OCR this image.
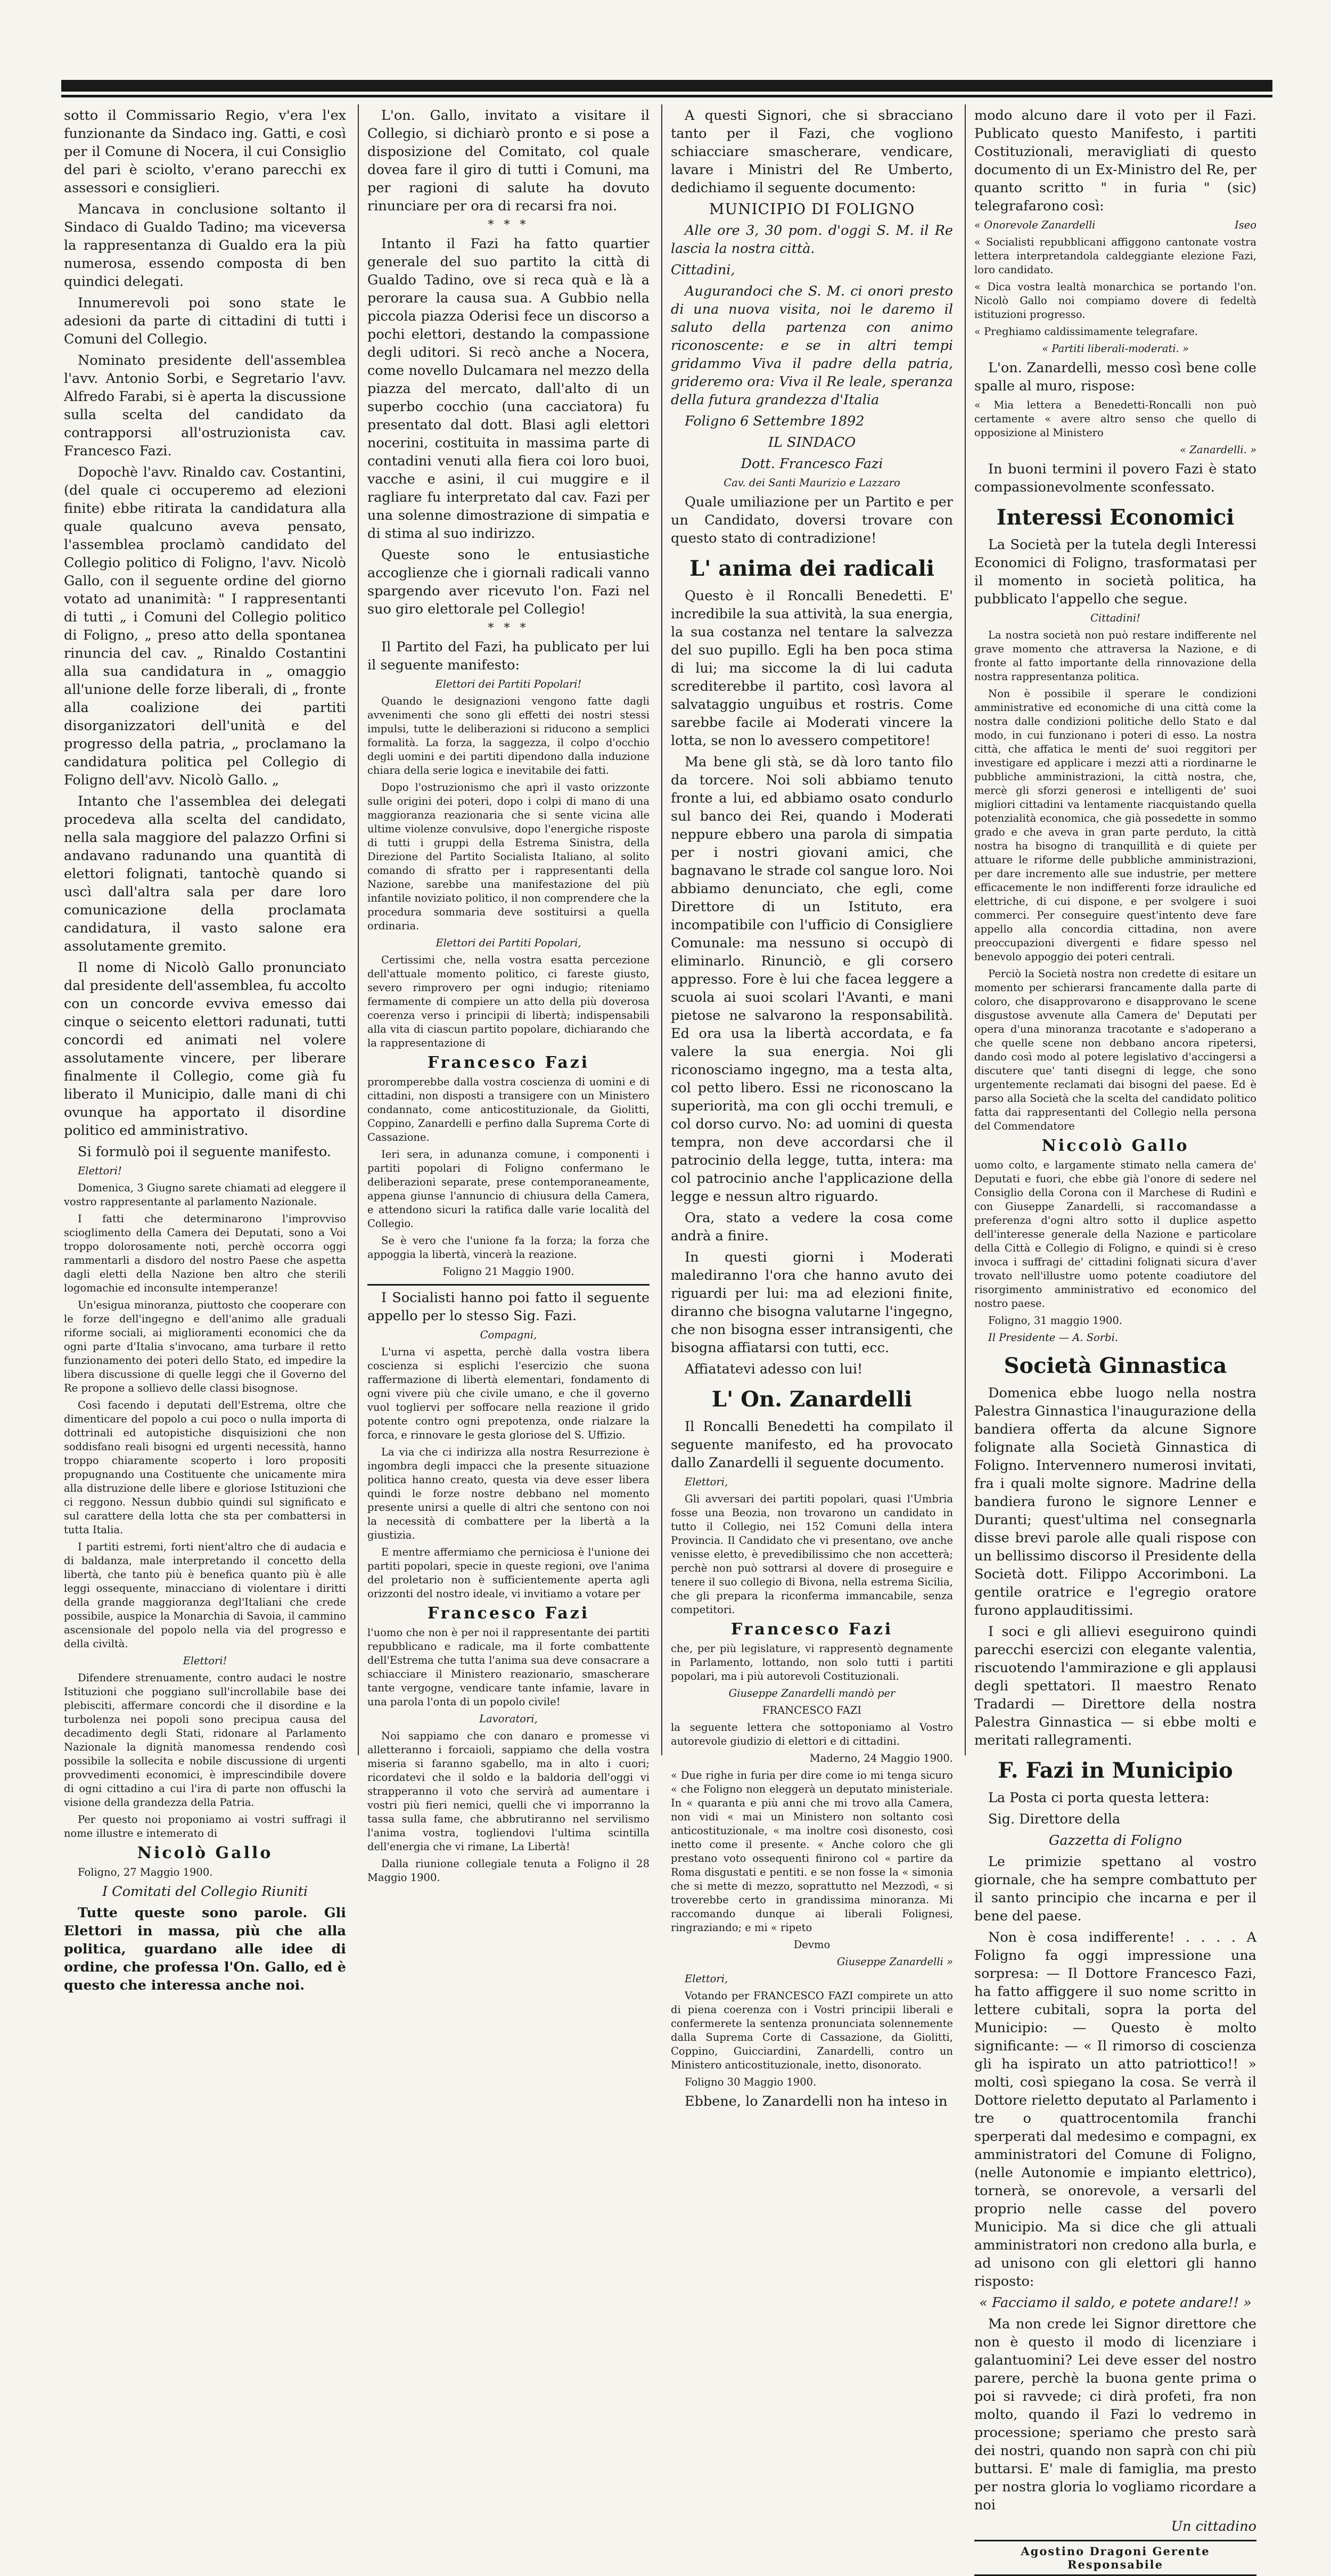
sotto il Commissario Regio, v'era l'ex funzionante da Sindaco ing. Gatti, e così per il Comune di Nocera, il cui Consiglio del pari è sciolto, v'erano parecchi ex assessori e consiglieri.

Mancava in conclusione soltanto il Sindaco di Gualdo Tadino; ma viceversa la rappresentanza di Gualdo era la più numerosa, essendo composta di ben quindici delegati.

Innumerevoli poi sono state le adesioni da parte di cittadini di tutti i Comuni del Collegio.

Nominato presidente dell'assemblea l'avv. Antonio Sorbi, e Segretario l'avv. Alfredo Farabi, si è aperta la discussione sulla scelta del candidato da contrapporsi all'ostruzionista cav. Francesco Fazi.

Dopochè l'avv. Rinaldo cav. Costantini, (del quale ci occuperemo ad elezioni finite) ebbe ritirata la candidatura alla quale qualcuno aveva pensato, l'assemblea proclamò candidato del Collegio politico di Foligno, l'avv. Nicolò Gallo, con il seguente ordine del giorno votato ad unanimità: " I rappresentanti di tutti „ i Comuni del Collegio politico di Foligno, „ preso atto della spontanea rinuncia del cav. „ Rinaldo Costantini alla sua candidatura in „ omaggio all'unione delle forze liberali, di „ fronte alla coalizione dei partiti disorganizzatori dell'unità e del progresso della patria, „ proclamano la candidatura politica pel Collegio di Foligno dell'avv. Nicolò Gallo. „

Intanto che l'assemblea dei delegati procedeva alla scelta del candidato, nella sala maggiore del palazzo Orfini si andavano radunando una quantità di elettori folignati, tantochè quando si uscì dall'altra sala per dare loro comunicazione della proclamata candidatura, il vasto salone era assolutamente gremito.

Il nome di Nicolò Gallo pronunciato dal presidente dell'assemblea, fu accolto con un concorde evviva emesso dai cinque o seicento elettori radunati, tutti concordi ed animati nel volere assolutamente vincere, per liberare finalmente il Collegio, come già fu liberato il Municipio, dalle mani di chi ovunque ha apportato il disordine politico ed amministrativo.

Si formulò poi il seguente manifesto.

Elettori!

Domenica, 3 Giugno sarete chiamati ad eleggere il vostro rappresentante al parlamento Nazionale.

I fatti che determinarono l'improvviso scioglimento della Camera dei Deputati, sono a Voi troppo dolorosamente noti, perchè occorra oggi rammentarli a disdoro del nostro Paese che aspetta dagli eletti della Nazione ben altro che sterili logomachie ed inconsulte intemperanze!

Un'esigua minoranza, piuttosto che cooperare con le forze dell'ingegno e dell'animo alle graduali riforme sociali, ai miglioramenti economici che da ogni parte d'Italia s'invocano, ama turbare il retto funzionamento dei poteri dello Stato, ed impedire la libera discussione di quelle leggi che il Governo del Re propone a sollievo delle classi bisognose.

Così facendo i deputati dell'Estrema, oltre che dimenticare del popolo a cui poco o nulla importa di dottrinali ed autopistiche disquisizioni che non soddisfano reali bisogni ed urgenti necessità, hanno troppo chiaramente scoperto i loro propositi propugnando una Costituente che unicamente mira alla distruzione delle libere e gloriose Istituzioni che ci reggono. Nessun dubbio quindi sul significato e sul carattere della lotta che sta per combattersi in tutta Italia.

I partiti estremi, forti nient'altro che di audacia e di baldanza, male interpretando il concetto della libertà, che tanto più è benefica quanto più è alle leggi ossequente, minacciano di violentare i diritti della grande maggioranza degl'Italiani che crede possibile, auspice la Monarchia di Savoia, il cammino ascensionale del popolo nella via del progresso e della civiltà.

Elettori!

Difendere strenuamente, contro audaci le nostre Istituzioni che poggiano sull'incrollabile base dei plebisciti, affermare concordi che il disordine e la turbolenza nei popoli sono precipua causa del decadimento degli Stati, ridonare al Parlamento Nazionale la dignità manomessa rendendo così possibile la sollecita e nobile discussione di urgenti provvedimenti economici, è imprescindibile dovere di ogni cittadino a cui l'ira di parte non offuschi la visione della grandezza della Patria.

Per questo noi proponiamo ai vostri suffragi il nome illustre e intemerato di

Nicolò Gallo

Foligno, 27 Maggio 1900.

I Comitati del Collegio Riuniti

Tutte queste sono parole. Gli Elettori in massa, più che alla politica, guardano alle idee di ordine, che professa l'On. Gallo, ed è questo che interessa anche noi.

L'on. Gallo, invitato a visitare il Collegio, si dichiarò pronto e si pose a disposizione del Comitato, col quale dovea fare il giro di tutti i Comuni, ma per ragioni di salute ha dovuto rinunciare per ora di recarsi fra noi.

* * *

Intanto il Fazi ha fatto quartier generale del suo partito la città di Gualdo Tadino, ove si reca quà e là a perorare la causa sua. A Gubbio nella piccola piazza Oderisi fece un discorso a pochi elettori, destando la compassione degli uditori. Si recò anche a Nocera, come novello Dulcamara nel mezzo della piazza del mercato, dall'alto di un superbo cocchio (una cacciatora) fu presentato dal dott. Blasi agli elettori nocerini, costituita in massima parte di contadini venuti alla fiera coi loro buoi, vacche e asini, il cui muggire e il ragliare fu interpretato dal cav. Fazi per una solenne dimostrazione di simpatia e di stima al suo indirizzo.

Queste sono le entusiastiche accoglienze che i giornali radicali vanno spargendo aver ricevuto l'on. Fazi nel suo giro elettorale pel Collegio!

* * *

Il Partito del Fazi, ha publicato per lui il seguente manifesto:

Elettori dei Partiti Popolari!

Quando le designazioni vengono fatte dagli avvenimenti che sono gli effetti dei nostri stessi impulsi, tutte le deliberazioni si riducono a semplici formalità. La forza, la saggezza, il colpo d'occhio degli uomini e dei partiti dipendono dalla induzione chiara della serie logica e inevitabile dei fatti.

Dopo l'ostruzionismo che aprì il vasto orizzonte sulle origini dei poteri, dopo i colpi di mano di una maggioranza reazionaria che si sente vicina alle ultime violenze convulsive, dopo l'energiche risposte di tutti i gruppi della Estrema Sinistra, della Direzione del Partito Socialista Italiano, al solito comando di sfratto per i rappresentanti della Nazione, sarebbe una manifestazione del più infantile noviziato politico, il non comprendere che la procedura sommaria deve sostituirsi a quella ordinaria.

Elettori dei Partiti Popolari,

Certissimi che, nella vostra esatta percezione dell'attuale momento politico, ci fareste giusto, severo rimprovero per ogni indugio; riteniamo fermamente di compiere un atto della più doverosa coerenza verso i principii di libertà; indispensabili alla vita di ciascun partito popolare, dichiarando che la rappresentazione di

Francesco Fazi

proromperebbe dalla vostra coscienza di uomini e di cittadini, non disposti a transigere con un Ministero condannato, come anticostituzionale, da Giolitti, Coppino, Zanardelli e perfino dalla Suprema Corte di Cassazione.

Ieri sera, in adunanza comune, i componenti i partiti popolari di Foligno confermano le deliberazioni separate, prese contemporaneamente, appena giunse l'annuncio di chiusura della Camera, e attendono sicuri la ratifica dalle varie località del Collegio.

Se è vero che l'unione fa la forza; la forza che appoggia la libertà, vincerà la reazione.

Foligno 21 Maggio 1900.

I Socialisti hanno poi fatto il seguente appello per lo stesso Sig. Fazi.

Compagni,

L'urna vi aspetta, perchè dalla vostra libera coscienza si esplichi l'esercizio che suona raffermazione di libertà elementari, fondamento di ogni vivere più che civile umano, e che il governo vuol togliervi per soffocare nella reazione il grido potente contro ogni prepotenza, onde rialzare la forca, e rinnovare le gesta gloriose del S. Uffizio.

La via che ci indirizza alla nostra Resurrezione è ingombra degli impacci che la presente situazione politica hanno creato, questa via deve esser libera quindi le forze nostre debbano nel momento presente unirsi a quelle di altri che sentono con noi la necessità di combattere per la libertà a la giustizia.

E mentre affermiamo che perniciosa è l'unione dei partiti popolari, specie in queste regioni, ove l'anima del proletario non è sufficientemente aperta agli orizzonti del nostro ideale, vi invitiamo a votare per

Francesco Fazi

l'uomo che non è per noi il rappresentante dei partiti repubblicano e radicale, ma il forte combattente dell'Estrema che tutta l'anima sua deve consacrare a schiacciare il Ministero reazionario, smascherare tante vergogne, vendicare tante infamie, lavare in una parola l'onta di un popolo civile!

Lavoratori,

Noi sappiamo che con danaro e promesse vi alletteranno i forcaioli, sappiamo che della vostra miseria si faranno sgabello, ma in alto i cuori; ricordatevi che il soldo e la baldoria dell'oggi vi strapperanno il voto che servirà ad aumentare i vostri più fieri nemici, quelli che vi imporranno la tassa sulla fame, che abbrutiranno nel servilismo l'anima vostra, togliendovi l'ultima scintilla dell'energia che vi rimane, La Libertà!

Dalla riunione collegiale tenuta a Foligno il 28 Maggio 1900.

A questi Signori, che si sbracciano tanto per il Fazi, che vogliono schiacciare smascherare, vendicare, lavare i Ministri del Re Umberto, dedichiamo il seguente documento:

MUNICIPIO DI FOLIGNO

Alle ore 3, 30 pom. d'oggi S. M. il Re lascia la nostra città.

Cittadini,

Augurandoci che S. M. ci onori presto di una nuova visita, noi le daremo il saluto della partenza con animo riconoscente: e se in altri tempi gridammo Viva il padre della patria, grideremo ora: Viva il Re leale, speranza della futura grandezza d'Italia

Foligno 6 Settembre 1892

IL SINDACO

Dott. Francesco Fazi

Cav. dei Santi Maurizio e Lazzaro

Quale umiliazione per un Partito e per un Candidato, doversi trovare con questo stato di contradizione!

L' anima dei radicali

Questo è il Roncalli Benedetti. E' incredibile la sua attività, la sua energia, la sua costanza nel tentare la salvezza del suo pupillo. Egli ha ben poca stima di lui; ma siccome la di lui caduta screditerebbe il partito, così lavora al salvataggio unguibus et rostris. Come sarebbe facile ai Moderati vincere la lotta, se non lo avessero competitore!

Ma bene gli stà, se dà loro tanto filo da torcere. Noi soli abbiamo tenuto fronte a lui, ed abbiamo osato condurlo sul banco dei Rei, quando i Moderati neppure ebbero una parola di simpatia per i nostri giovani amici, che bagnavano le strade col sangue loro. Noi abbiamo denunciato, che egli, come Direttore di un Istituto, era incompatibile con l'ufficio di Consigliere Comunale: ma nessuno si occupò di eliminarlo. Rinunciò, e gli corsero appresso. Fore è lui che facea leggere a scuola ai suoi scolari l'Avanti, e mani pietose ne salvarono la responsabilità. Ed ora usa la libertà accordata, e fa valere la sua energia. Noi gli riconosciamo ingegno, ma a testa alta, col petto libero. Essi ne riconoscano la superiorità, ma con gli occhi tremuli, e col dorso curvo. No: ad uomini di questa tempra, non deve accordarsi che il patrocinio della legge, tutta, intera: ma col patrocinio anche l'applicazione della legge e nessun altro riguardo.

Ora, stato a vedere la cosa come andrà a finire.

In questi giorni i Moderati malediranno l'ora che hanno avuto dei riguardi per lui: ma ad elezioni finite, diranno che bisogna valutarne l'ingegno, che non bisogna esser intransigenti, che bisogna affiatarsi con tutti, ecc.

Affiatatevi adesso con lui!

L' On. Zanardelli

Il Roncalli Benedetti ha compilato il seguente manifesto, ed ha provocato dallo Zanardelli il seguente documento.

Elettori,

Gli avversari dei partiti popolari, quasi l'Umbria fosse una Beozia, non trovarono un candidato in tutto il Collegio, nei 152 Comuni della intera Provincia. Il Candidato che vi presentano, ove anche venisse eletto, è prevedibilissimo che non accetterà; perchè non può sottrarsi al dovere di proseguire e tenere il suo collegio di Bivona, nella estrema Sicilia, che gli prepara la riconferma immancabile, senza competitori.

Francesco Fazi

che, per più legislature, vi rappresentò degnamente in Parlamento, lottando, non solo tutti i partiti popolari, ma i più autorevoli Costituzionali.

Giuseppe Zanardelli mandò per

FRANCESCO FAZI

la seguente lettera che sottoponiamo al Vostro autorevole giudizio di elettori e di cittadini.

Maderno, 24 Maggio 1900.

« Due righe in furia per dire come io mi tenga sicuro « che Foligno non eleggerà un deputato ministeriale. In « quaranta e più anni che mi trovo alla Camera, non vidi « mai un Ministero non soltanto così anticostituzionale, « ma inoltre così disonesto, così inetto come il presente. « Anche coloro che gli prestano voto ossequenti finirono col « partire da Roma disgustati e pentiti. e se non fosse la « simonia che si mette di mezzo, soprattutto nel Mezzodì, « si troverebbe certo in grandissima minoranza. Mi raccomando dunque ai liberali Folignesi, ringraziando; e mi « ripeto

Devmo

Giuseppe Zanardelli »

Elettori,

Votando per FRANCESCO FAZI compirete un atto di piena coerenza con i Vostri principii liberali e confermerete la sentenza pronunciata solennemente dalla Suprema Corte di Cassazione, da Giolitti, Coppino, Guicciardini, Zanardelli, contro un Ministero anticostituzionale, inetto, disonorato.

Foligno 30 Maggio 1900.

Ebbene, lo Zanardelli non ha inteso in

modo alcuno dare il voto per il Fazi. Publicato questo Manifesto, i partiti Costituzionali, meravigliati di questo documento di un Ex-Ministro del Re, per quanto scritto " in furia " (sic) telegrafarono così:

« Onorevole Zanardelli	Iseo

« Socialisti repubblicani affiggono cantonate vostra lettera interpretandola caldeggiante elezione Fazi, loro candidato.

« Dica vostra lealtà monarchica se portando l'on. Nicolò Gallo noi compiamo dovere di fedeltà istituzioni progresso.

« Preghiamo caldissimamente telegrafare.

« Partiti liberali-moderati. »

L'on. Zanardelli, messo così bene colle spalle al muro, rispose:

« Mia lettera a Benedetti-Roncalli non può certamente « avere altro senso che quello di opposizione al Ministero

« Zanardelli. »

In buoni termini il povero Fazi è stato compassionevolmente sconfessato.

Interessi Economici

La Società per la tutela degli Interessi Economici di Foligno, trasformatasi per il momento in società politica, ha pubblicato l'appello che segue.

Cittadini!

La nostra società non può restare indifferente nel grave momento che attraversa la Nazione, e di fronte al fatto importante della rinnovazione della nostra rappresentanza politica.

Non è possibile il sperare le condizioni amministrative ed economiche di una città come la nostra dalle condizioni politiche dello Stato e dal modo, in cui funzionano i poteri di esso. La nostra città, che affatica le menti de' suoi reggitori per investigare ed applicare i mezzi atti a riordinarne le pubbliche amministrazioni, la città nostra, che, mercè gli sforzi generosi e intelligenti de' suoi migliori cittadini va lentamente riacquistando quella potenzialità economica, che già possedette in sommo grado e che aveva in gran parte perduto, la città nostra ha bisogno di tranquillità e di quiete per attuare le riforme delle pubbliche amministrazioni, per dare incremento alle sue industrie, per mettere efficacemente le non indifferenti forze idrauliche ed elettriche, di cui dispone, e per svolgere i suoi commerci. Per conseguire quest'intento deve fare appello alla concordia cittadina, non avere preoccupazioni divergenti e fidare spesso nel benevolo appoggio dei poteri centrali.

Perciò la Società nostra non credette di esitare un momento per schierarsi francamente dalla parte di coloro, che disapprovarono e disapprovano le scene disgustose avvenute alla Camera de' Deputati per opera d'una minoranza tracotante e s'adoperano a che quelle scene non debbano ancora ripetersi, dando così modo al potere legislativo d'accingersi a discutere que' tanti disegni di legge, che sono urgentemente reclamati dai bisogni del paese. Ed è parso alla Società che la scelta del candidato politico fatta dai rappresentanti del Collegio nella persona del Commendatore

Niccolò Gallo

uomo colto, e largamente stimato nella camera de' Deputati e fuori, che ebbe già l'onore di sedere nel Consiglio della Corona con il Marchese di Rudinì e con Giuseppe Zanardelli, si raccomandasse a preferenza d'ogni altro sotto il duplice aspetto dell'interesse generale della Nazione e particolare della Città e Collegio di Foligno, e quindi si è creso invoca i suffragi de' cittadini folignati sicura d'aver trovato nell'illustre uomo potente coadiutore del risorgimento amministrativo ed economico del nostro paese.

Foligno, 31 maggio 1900.

Il Presidente — A. Sorbi.

Società Ginnastica

Domenica ebbe luogo nella nostra Palestra Ginnastica l'inaugurazione della bandiera offerta da alcune Signore folignate alla Società Ginnastica di Foligno. Intervennero numerosi invitati, fra i quali molte signore. Madrine della bandiera furono le signore Lenner e Duranti; quest'ultima nel consegnarla disse brevi parole alle quali rispose con un bellissimo discorso il Presidente della Società dott. Filippo Accorimboni. La gentile oratrice e l'egregio oratore furono applauditissimi.

I soci e gli allievi eseguirono quindi parecchi esercizi con elegante valentia, riscuotendo l'ammirazione e gli applausi degli spettatori. Il maestro Renato Tradardi — Direttore della nostra Palestra Ginnastica — si ebbe molti e meritati rallegramenti.

F. Fazi in Municipio

La Posta ci porta questa lettera:

Sig. Direttore della

Gazzetta di Foligno

Le primizie spettano al vostro giornale, che ha sempre combattuto per il santo principio che incarna e per il bene del paese.

Non è cosa indifferente! . . . . A Foligno fa oggi impressione una sorpresa: — Il Dottore Francesco Fazi, ha fatto affiggere il suo nome scritto in lettere cubitali, sopra la porta del Municipio: — Questo è molto significante: — « Il rimorso di coscienza gli ha ispirato un atto patriottico!! » molti, così spiegano la cosa. Se verrà il Dottore rieletto deputato al Parlamento i tre o quattrocentomila franchi sperperati dal medesimo e compagni, ex amministratori del Comune di Foligno, (nelle Autonomie e impianto elettrico), tornerà, se onorevole, a versarli del proprio nelle casse del povero Municipio. Ma si dice che gli attuali amministratori non credono alla burla, e ad unisono con gli elettori gli hanno risposto:

« Facciamo il saldo, e potete andare!! »

Ma non crede lei Signor direttore che non è questo il modo di licenziare i galantuomini? Lei deve esser del nostro parere, perchè la buona gente prima o poi si ravvede; ci dirà profeti, fra non molto, quando il Fazi lo vedremo in processione; speriamo che presto sarà dei nostri, quando non saprà con chi più buttarsi. E' male di famiglia, ma presto per nostra gloria lo vogliamo ricordare a noi

Un cittadino

Agostino Dragoni Gerente Responsabile
